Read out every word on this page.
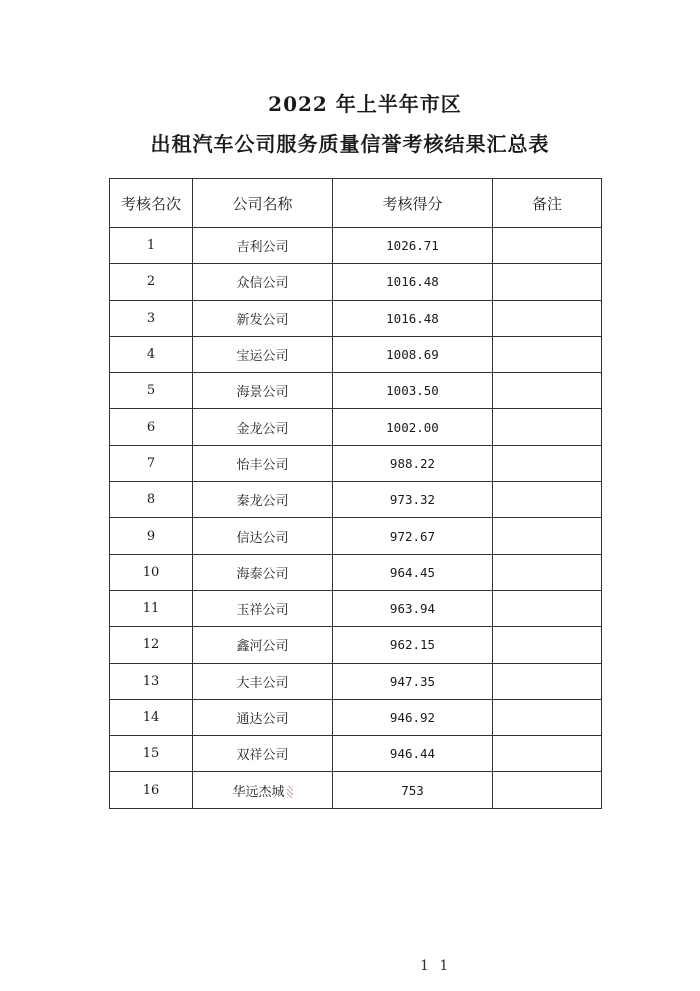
2022 年上半年市区
出租汽车公司服务质量信誉考核结果汇总表
考核名次	公司名称	考核得分	备注
1	吉利公司	1026.71	
2	众信公司	1016.48	
3	新发公司	1016.48	
4	宝运公司	1008.69	
5	海景公司	1003.50	
6	金龙公司	1002.00	
7	怡丰公司	988.22	
8	秦龙公司	973.32	
9	信达公司	972.67	
10	海泰公司	964.45	
11	玉祥公司	963.94	
12	鑫河公司	962.15	
13	大丰公司	947.35	
14	通达公司	946.92	
15	双祥公司	946.44	
16	华远杰城	753	
1 1
